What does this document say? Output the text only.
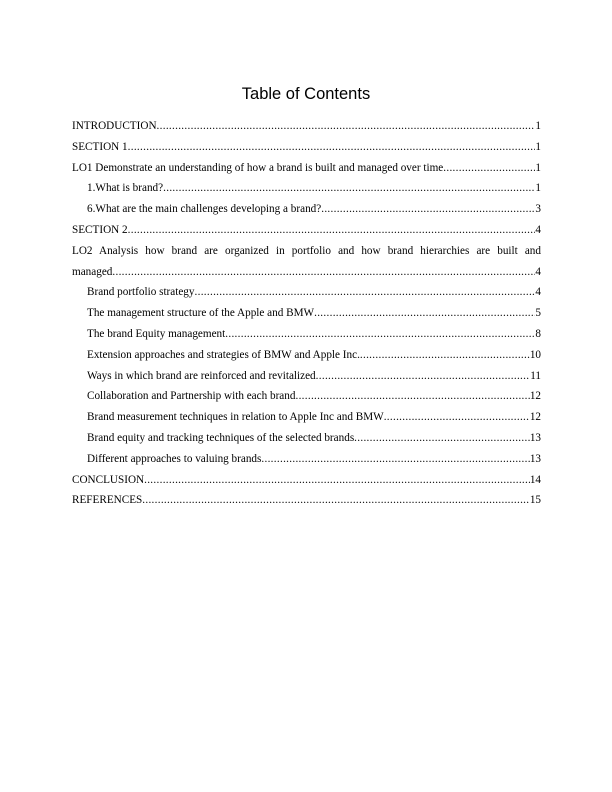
Table of Contents
INTRODUCTION .....	1
SECTION 1 .....	1
LO1 Demonstrate an understanding of how a brand is built and managed over time .....	1
1.What is brand? .....	1
6.What are the main challenges developing a brand? .....	3
SECTION 2 .....	4
LO2 Analysis how brand are organized in portfolio and how brand hierarchies are built and
managed .....	4
Brand portfolio strategy .....	4
The management structure of the Apple and BMW .....	5
The brand Equity management .....	8
Extension approaches and strategies of BMW and Apple Inc. .....	10
Ways in which brand are reinforced and revitalized .....	11
Collaboration and Partnership with each brand .....	12
Brand measurement techniques in relation to Apple Inc and BMW .....	12
Brand equity and tracking techniques of the selected brands .....	13
Different approaches to valuing brands .....	13
CONCLUSION .....	14
REFERENCES .....	15
